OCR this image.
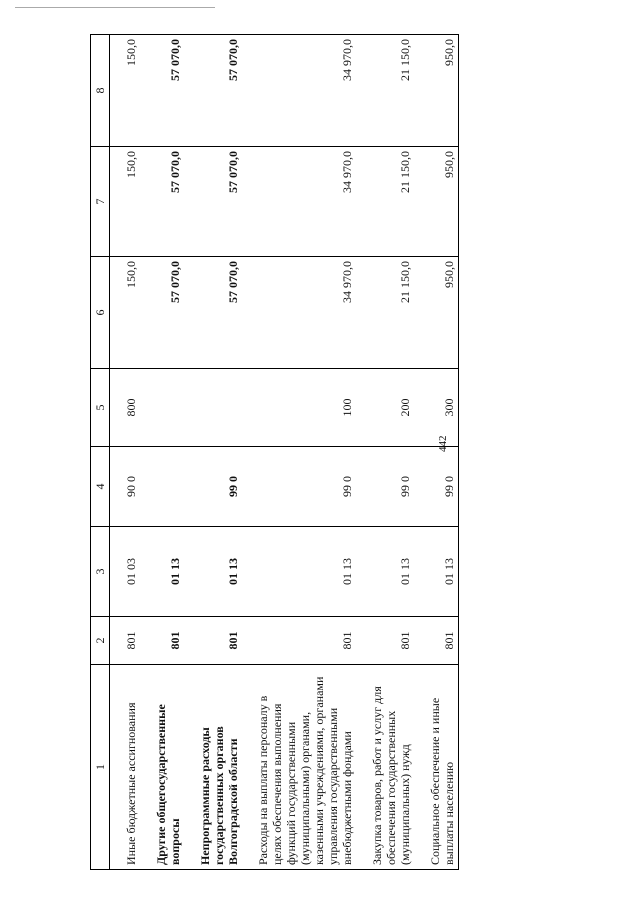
442
1	2	3	4	5	6	7	8
Иные бюджетные ассигнования	801	01 03	90 0	800	150,0	150,0	150,0
Другие общегосударственные вопросы	801	01 13			57 070,0	57 070,0	57 070,0
Непрограммные расходы государственных органов Волгоградской области	801	01 13	99 0		57 070,0	57 070,0	57 070,0
Расходы на выплаты персоналу в целях обеспечения выполнения функций государственными (муниципальными) органами, казенными учреждениями, органами управления государственными внебюджетными фондами	801	01 13	99 0	100	34 970,0	34 970,0	34 970,0
Закупка товаров, работ и услуг для обеспечения государственных (муниципальных) нужд	801	01 13	99 0	200	21 150,0	21 150,0	21 150,0
Социальное обеспечение и иные выплаты населению	801	01 13	99 0	300	950,0	950,0	950,0
